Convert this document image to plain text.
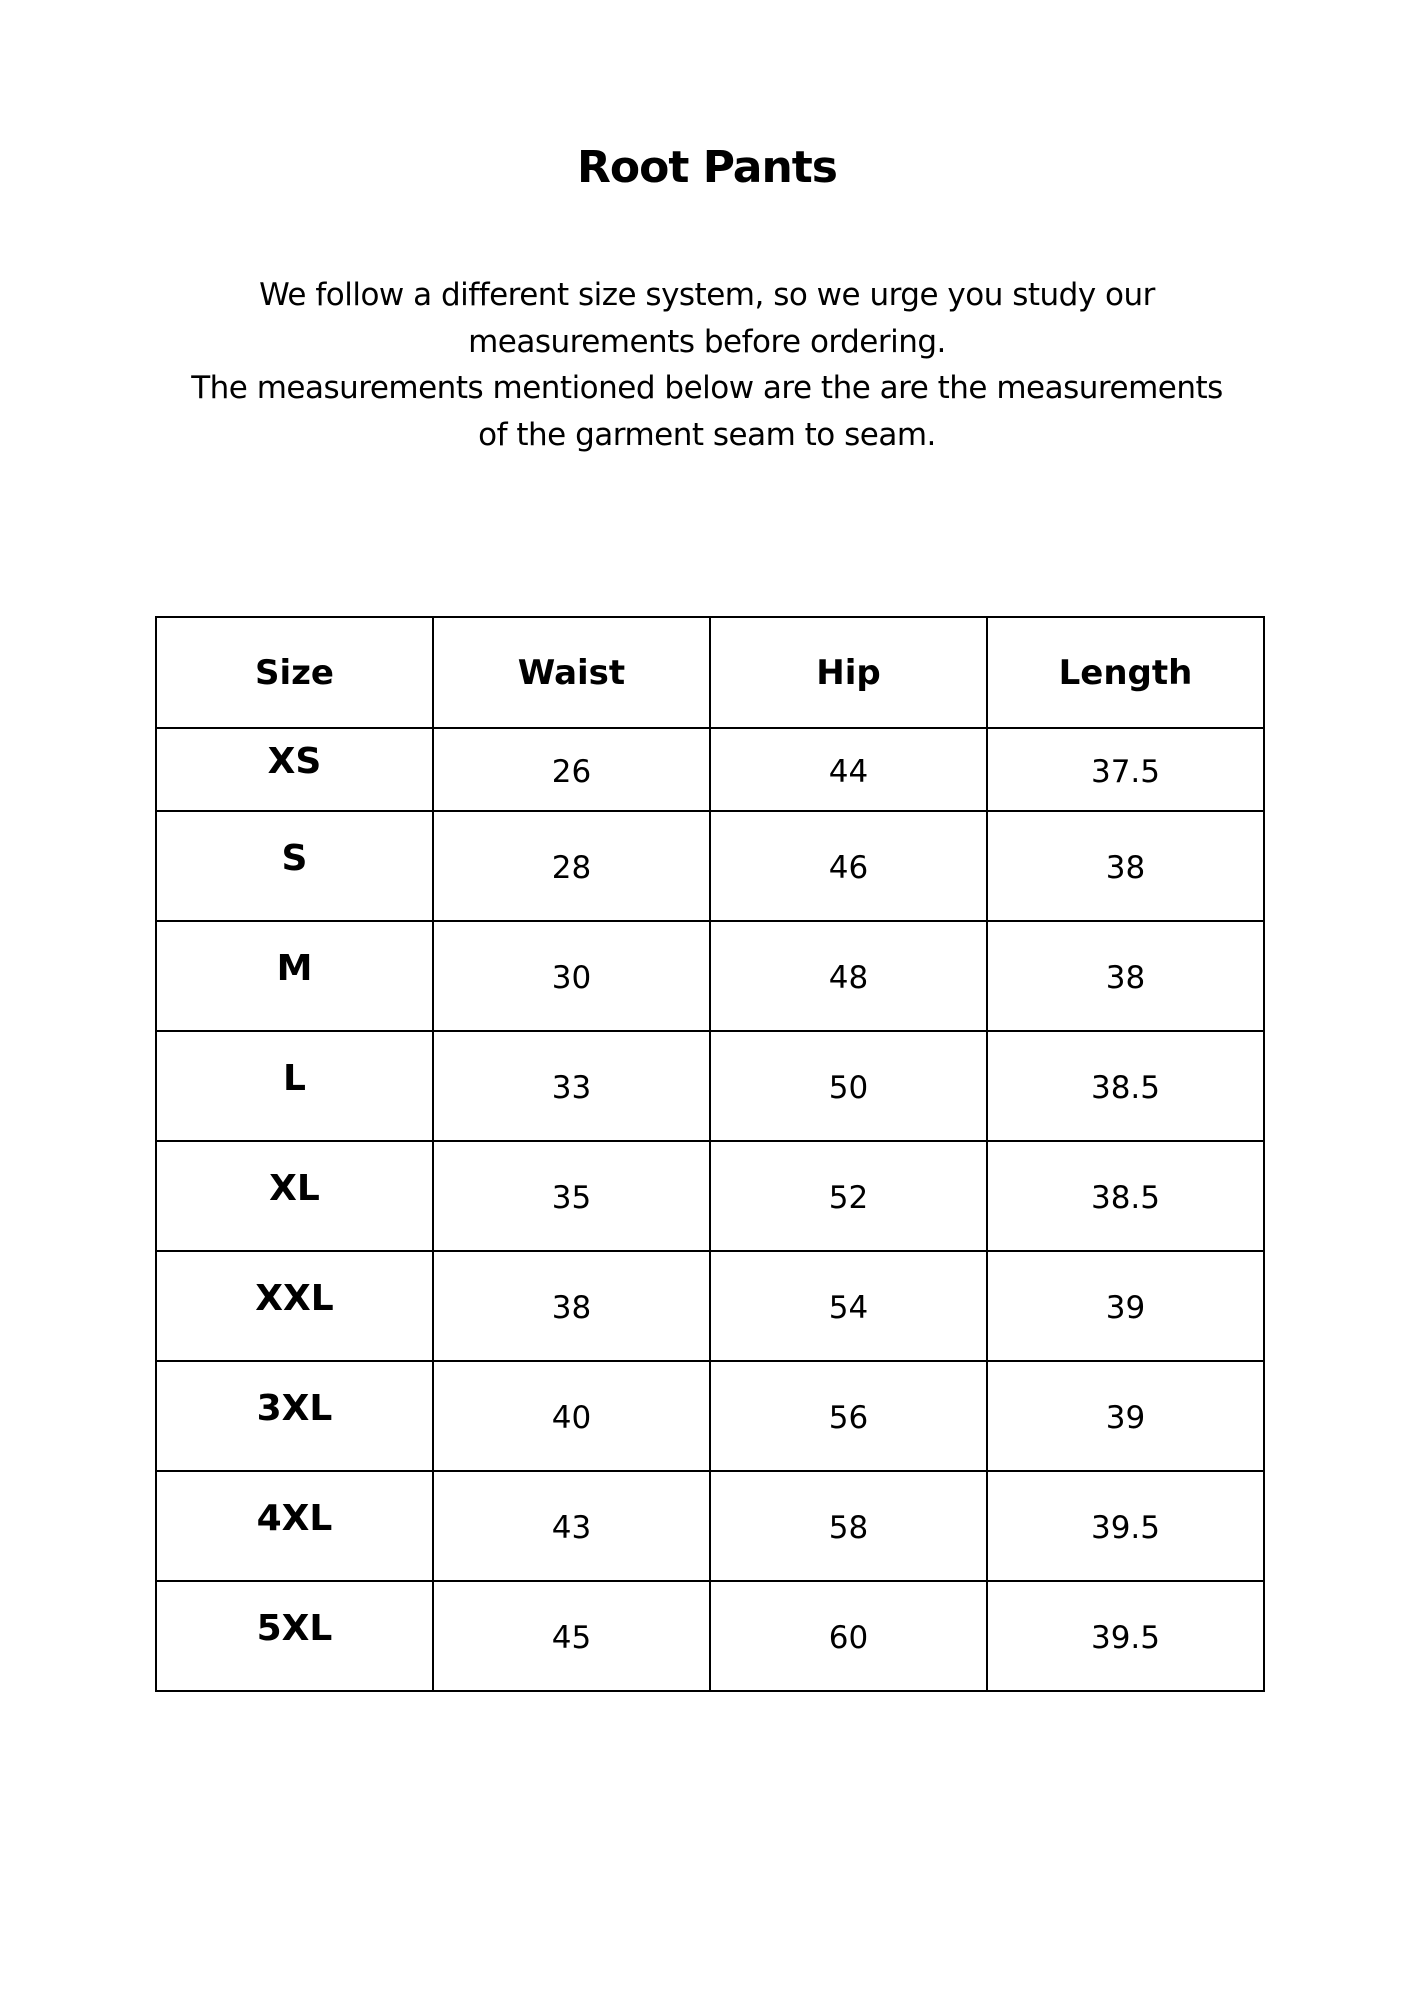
Root Pants

We follow a different size system, so we urge you study our
measurements before ordering.
The measurements mentioned below are the are the measurements
of the garment seam to seam.

Size	Waist	Hip	Length
XS	26	44	37.5
S	28	46	38
M	30	48	38
L	33	50	38.5
XL	35	52	38.5
XXL	38	54	39
3XL	40	56	39
4XL	43	58	39.5
5XL	45	60	39.5
